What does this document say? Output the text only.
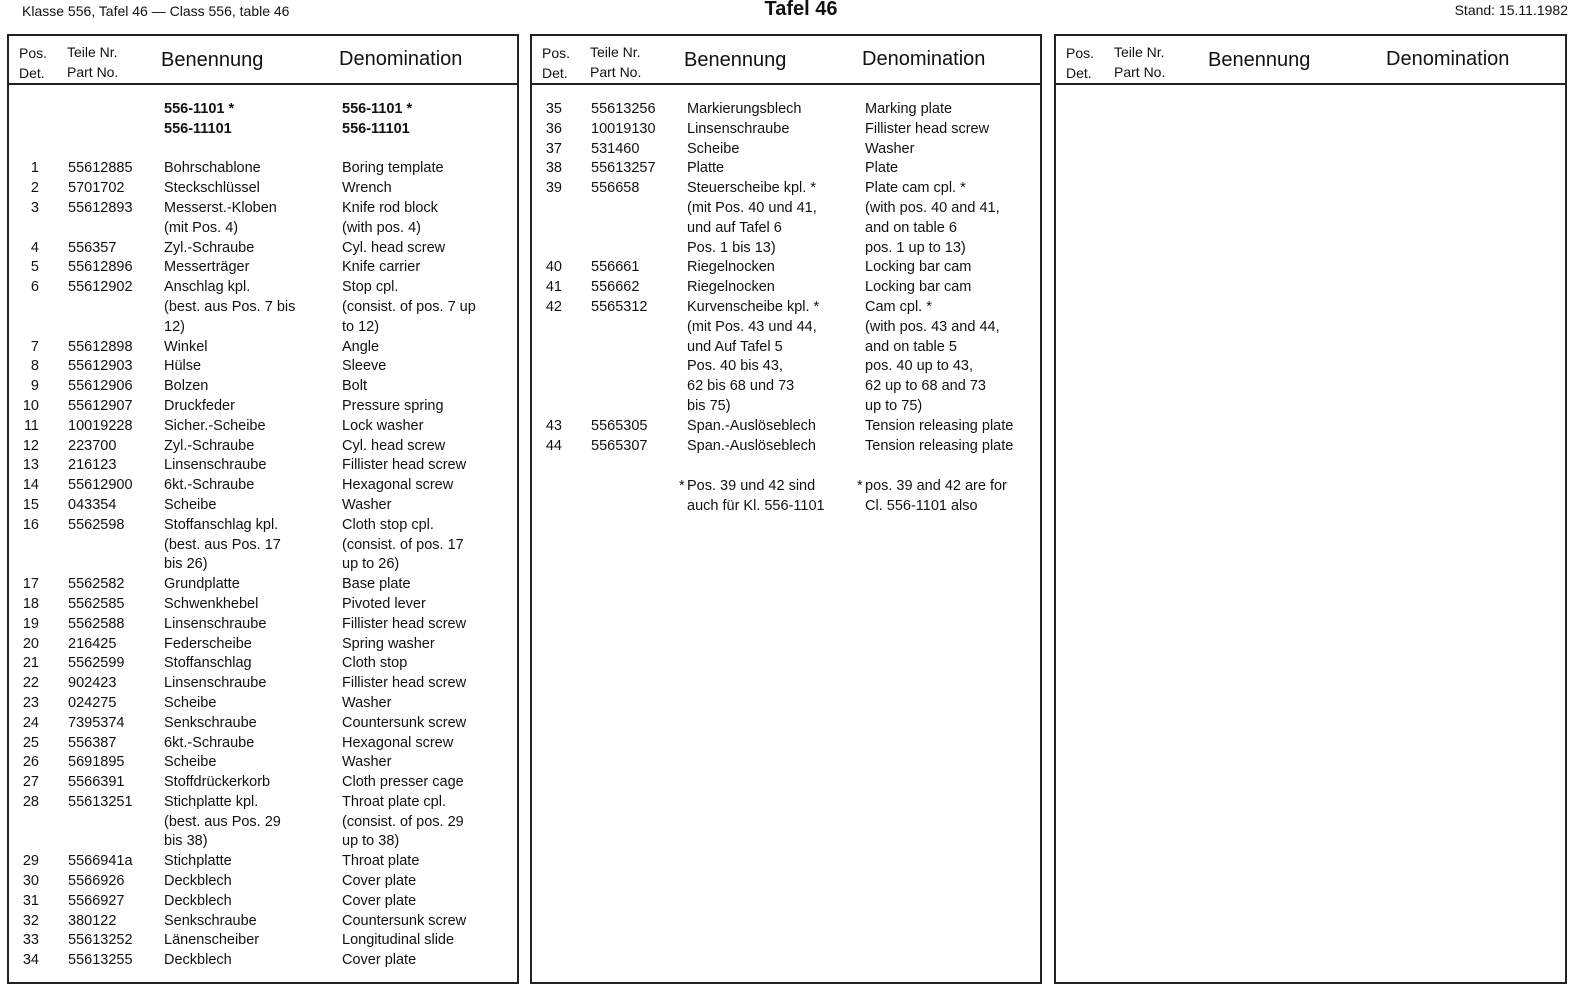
Klasse 556, Tafel 46 — Class 556, table 46	Tafel 46	Stand: 15.11.1982
Pos.
Det.
Teile Nr.
Part No.
Benennung	Denomination
556-1101 *	556-1101 *
556-11101	556-11101
1 55612885 Bohrschablone	Boring template
2 5701702	Steckschlüssel	Wrench
3 55612893 Messerst.-Kloben	Knife rod block
(mit Pos. 4)	(with pos. 4)
4 556357	Zyl.-Schraube	Cyl. head screw
5 55612896 Messerträger	Knife carrier
6 55612902 Anschlag kpl.	Stop cpl.
(best. aus Pos. 7 bis	(consist. of pos. 7 up
12)	to 12)
7 55612898 Winkel	Angle
8 55612903 Hülse	Sleeve
9 55612906 Bolzen	Bolt
10 55612907 Druckfeder	Pressure spring
11 10019228 Sicher.-Scheibe	Lock washer
12 223700	Zyl.-Schraube	Cyl. head screw
13 216123	Linsenschraube	Fillister head screw
14 55612900 6kt.-Schraube	Hexagonal screw
15 043354	Scheibe	Washer
16 5562598	Stoffanschlag kpl.	Cloth stop cpl.
(best. aus Pos. 17	(consist. of pos. 17
bis 26)	up to 26)
17 5562582	Grundplatte	Base plate
18 5562585	Schwenkhebel	Pivoted lever
19 5562588	Linsenschraube	Fillister head screw
20 216425	Federscheibe	Spring washer
21 5562599	Stoffanschlag	Cloth stop
22 902423	Linsenschraube	Fillister head screw
23 024275	Scheibe	Washer
24 7395374	Senkschraube	Countersunk screw
25 556387	6kt.-Schraube	Hexagonal screw
26 5691895	Scheibe	Washer
27 5566391	Stoffdrückerkorb	Cloth presser cage
28 55613251 Stichplatte kpl.	Throat plate cpl.
(best. aus Pos. 29	(consist. of pos. 29
bis 38)	up to 38)
29 5566941a Stichplatte	Throat plate
30 5566926	Deckblech	Cover plate
31 5566927	Deckblech	Cover plate
32 380122	Senkschraube	Countersunk screw
33 55613252 Länenscheiber	Longitudinal slide
34 55613255 Deckblech	Cover plate
Pos.
Det.
Teile Nr.
Part No.
Benennung	Denomination
35 55613256 Markierungsblech	Marking plate
36 10019130 Linsenschraube	Fillister head screw
37 531460	Scheibe	Washer
38 55613257 Platte	Plate
39 556658	Steuerscheibe kpl. *	Plate cam cpl. *
(mit Pos. 40 und 41,	(with pos. 40 and 41,
und auf Tafel 6	and on table 6
Pos. 1 bis 13)	pos. 1 up to 13)
40 556661	Riegelnocken	Locking bar cam
41 556662	Riegelnocken	Locking bar cam
42 5565312	Kurvenscheibe kpl. *	Cam cpl. *
(mit Pos. 43 und 44,	(with pos. 43 and 44,
und Auf Tafel 5	and on table 5
Pos. 40 bis 43,	pos. 40 up to 43,
62 bis 68 und 73	62 up to 68 and 73
bis 75)	up to 75)
43 5565305	Span.-Auslöseblech	Tension releasing plate
44 5565307	Span.-Auslöseblech	Tension releasing plate
* Pos. 39 und 42 sind	* pos. 39 and 42 are for
auch für Kl. 556-1101	Cl. 556-1101 also
Pos.
Det.
Teile Nr.
Part No.
Benennung	Denomination
